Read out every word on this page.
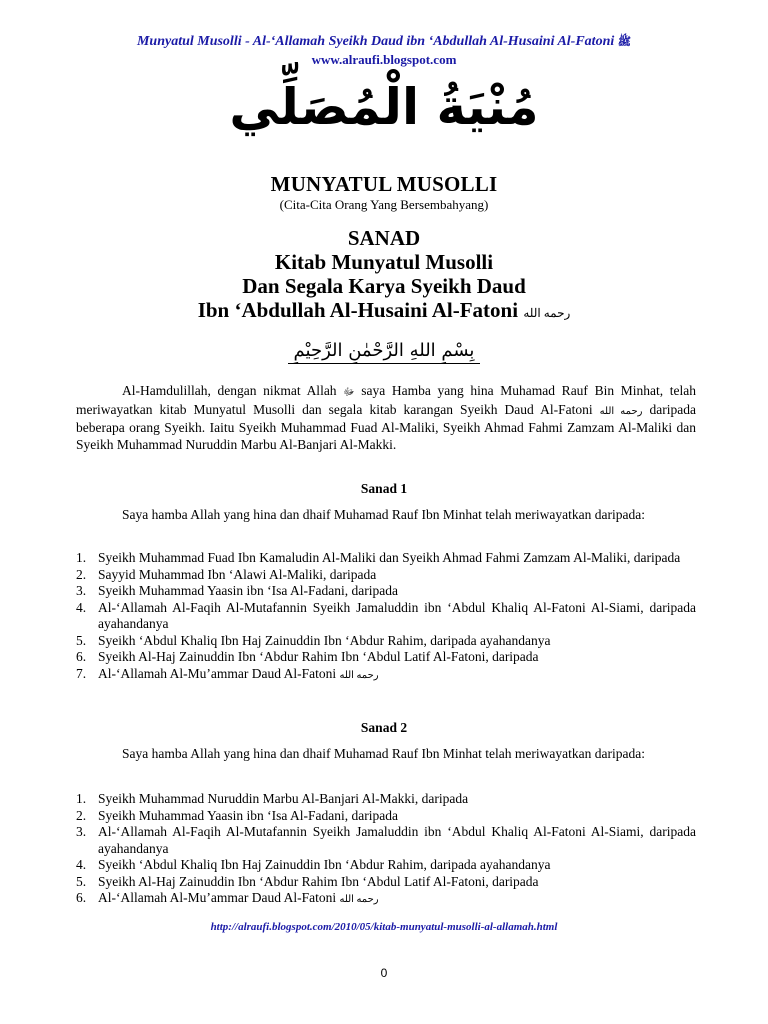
Munyatul Musolli - Al-‘Allamah Syeikh Daud ibn ‘Abdullah Al-Husaini Al-Fatoni ﷺ
www.alraufi.blogspot.com
مُنْيَةُ الْمُصَلِّي
MUNYATUL MUSOLLI
(Cita-Cita Orang Yang Bersembahyang)
SANAD
Kitab Munyatul Musolli
Dan Segala Karya Syeikh Daud
Ibn ‘Abdullah Al-Husaini Al-Fatoni رحمه الله
بِسْمِ اللهِ الرَّحْمٰنِ الرَّحِيْمِ

Al-Hamdulillah, dengan nikmat Allah ﷻ saya Hamba yang hina Muhamad Rauf Bin Minhat, telah meriwayatkan kitab Munyatul Musolli dan segala kitab karangan Syeikh Daud Al-Fatoni رحمه الله daripada beberapa orang Syeikh. Iaitu Syeikh Muhammad Fuad Al-Maliki, Syeikh Ahmad Fahmi Zamzam Al-Maliki dan Syeikh Muhammad Nuruddin Marbu Al-Banjari Al-Makki.

Sanad 1

Saya hamba Allah yang hina dan dhaif Muhamad Rauf Ibn Minhat telah meriwayatkan daripada:

1. Syeikh Muhammad Fuad Ibn Kamaludin Al-Maliki dan Syeikh Ahmad Fahmi Zamzam Al-Maliki, daripada
2. Sayyid Muhammad Ibn ‘Alawi Al-Maliki, daripada
3. Syeikh Muhammad Yaasin ibn ‘Isa Al-Fadani, daripada
4. Al-‘Allamah Al-Faqih Al-Mutafannin Syeikh Jamaluddin ibn ‘Abdul Khaliq Al-Fatoni Al-Siami, daripada ayahandanya
5. Syeikh ‘Abdul Khaliq Ibn Haj Zainuddin Ibn ‘Abdur Rahim, daripada ayahandanya
6. Syeikh Al-Haj Zainuddin Ibn ‘Abdur Rahim Ibn ‘Abdul Latif Al-Fatoni, daripada
7. Al-‘Allamah Al-Mu’ammar Daud Al-Fatoni رحمه الله
Sanad 2

Saya hamba Allah yang hina dan dhaif Muhamad Rauf Ibn Minhat telah meriwayatkan daripada:

1. Syeikh Muhammad Nuruddin Marbu Al-Banjari Al-Makki, daripada
2. Syeikh Muhammad Yaasin ibn ‘Isa Al-Fadani, daripada
3. Al-‘Allamah Al-Faqih Al-Mutafannin Syeikh Jamaluddin ibn ‘Abdul Khaliq Al-Fatoni Al-Siami, daripada ayahandanya
4. Syeikh ‘Abdul Khaliq Ibn Haj Zainuddin Ibn ‘Abdur Rahim, daripada ayahandanya
5. Syeikh Al-Haj Zainuddin Ibn ‘Abdur Rahim Ibn ‘Abdul Latif Al-Fatoni, daripada
6. Al-‘Allamah Al-Mu’ammar Daud Al-Fatoni رحمه الله
http://alraufi.blogspot.com/2010/05/kitab-munyatul-musolli-al-allamah.html
0
